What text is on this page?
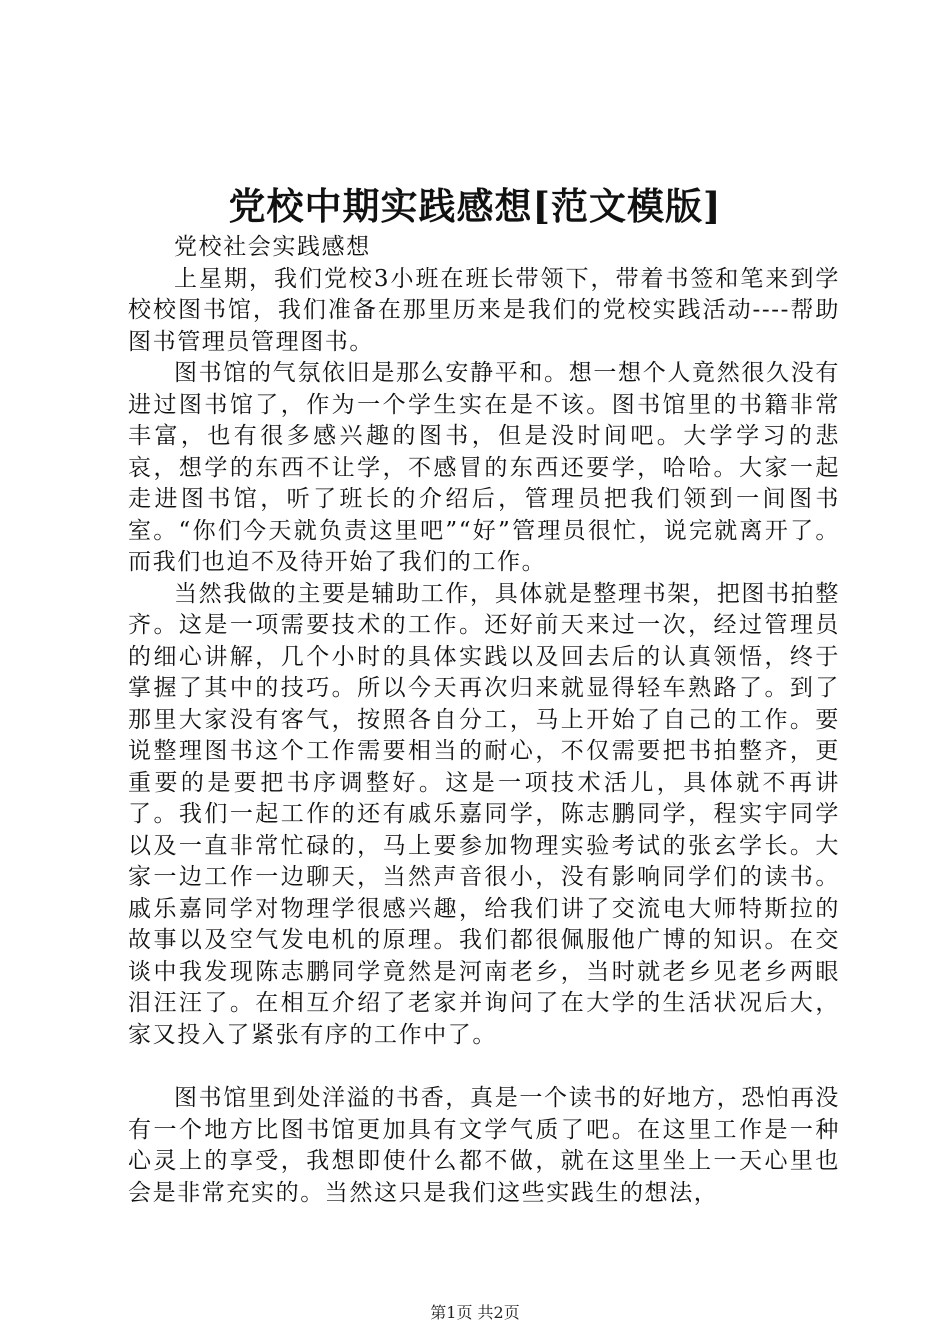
党校中期实践感想[范文模版]

党校社会实践感想

上星期，我们党校3小班在班长带领下，带着书签和笔来到学校校图书馆，我们准备在那里历来是我们的党校实践活动----帮助图书管理员管理图书。

图书馆的气氛依旧是那么安静平和。想一想个人竟然很久没有进过图书馆了，作为一个学生实在是不该。图书馆里的书籍非常丰富，也有很多感兴趣的图书，但是没时间吧。大学学习的悲哀，想学的东西不让学，不感冒的东西还要学，哈哈。大家一起走进图书馆，听了班长的介绍后，管理员把我们领到一间图书室。“你们今天就负责这里吧”“好”管理员很忙，说完就离开了。而我们也迫不及待开始了我们的工作。

当然我做的主要是辅助工作，具体就是整理书架，把图书拍整齐。这是一项需要技术的工作。还好前天来过一次，经过管理员的细心讲解，几个小时的具体实践以及回去后的认真领悟，终于掌握了其中的技巧。所以今天再次归来就显得轻车熟路了。到了那里大家没有客气，按照各自分工，马上开始了自己的工作。要说整理图书这个工作需要相当的耐心，不仅需要把书拍整齐，更重要的是要把书序调整好。这是一项技术活儿，具体就不再讲了。我们一起工作的还有戚乐嘉同学，陈志鹏同学，程实宇同学以及一直非常忙碌的，马上要参加物理实验考试的张玄学长。大家一边工作一边聊天，当然声音很小，没有影响同学们的读书。戚乐嘉同学对物理学很感兴趣，给我们讲了交流电大师特斯拉的故事以及空气发电机的原理。我们都很佩服他广博的知识。在交谈中我发现陈志鹏同学竟然是河南老乡，当时就老乡见老乡两眼泪汪汪了。在相互介绍了老家并询问了在大学的生活状况后大，家又投入了紧张有序的工作中了。

图书馆里到处洋溢的书香，真是一个读书的好地方，恐怕再没有一个地方比图书馆更加具有文学气质了吧。在这里工作是一种心灵上的享受，我想即使什么都不做，就在这里坐上一天心里也会是非常充实的。当然这只是我们这些实践生的想法，

第1页 共2页
